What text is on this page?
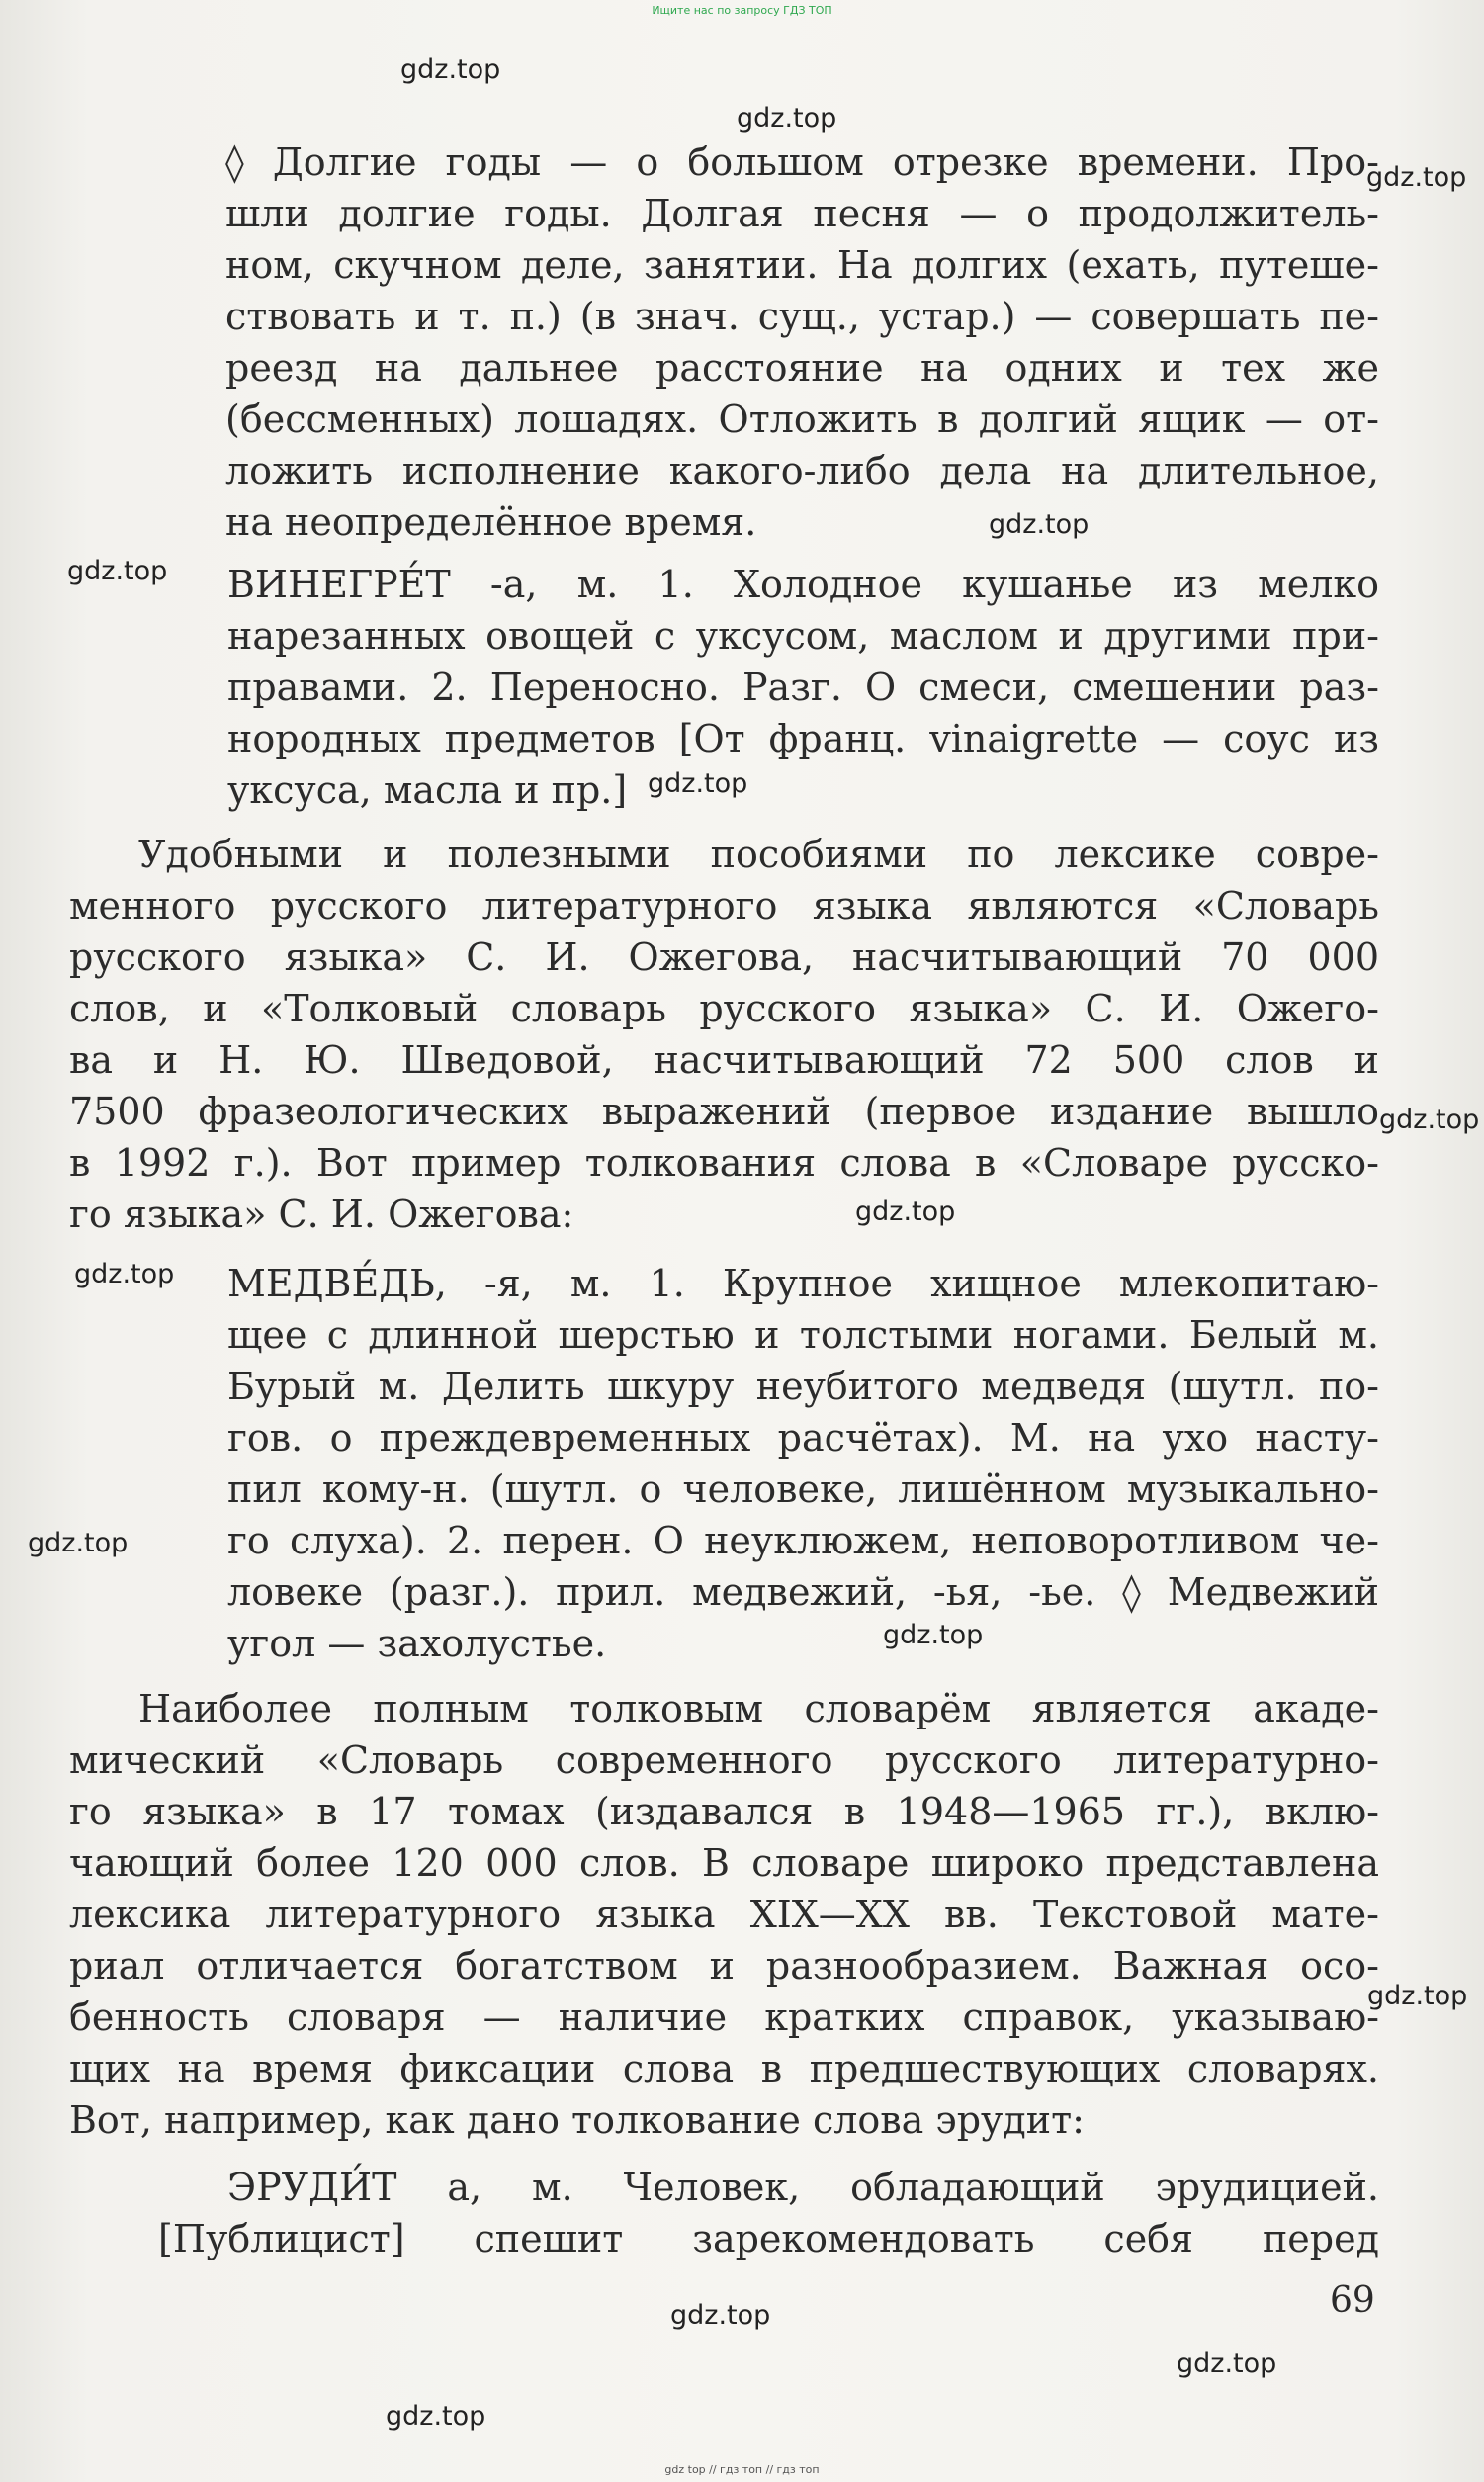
Ищите нас по запросу ГДЗ ТОП
gdz.top
gdz.top
gdz.top
gdz.top
gdz.top
gdz.top
gdz.top
gdz.top
gdz.top
gdz.top
gdz.top
gdz.top
gdz.top
gdz.top
gdz.top
◊ Долгие годы — о большом отрезке времени. Про-
шли долгие годы. Долгая песня — о продолжитель-
ном, скучном деле, занятии. На долгих (ехать, путеше-
ствовать и т. п.) (в знач. сущ., устар.) — совершать пе-
реезд на дальнее расстояние на одних и тех же
(бессменных) лошадях. Отложить в долгий ящик — от-
ложить исполнение какого-либо дела на длительное,
на неопределённое время.
ВИНЕГРЕ́Т -а, м. 1. Холодное кушанье из мелко
нарезанных овощей с уксусом, маслом и другими при-
правами. 2. Переносно. Разг. О смеси, смешении раз-
нородных предметов [От франц. vinaigrette — соус из
уксуса, масла и пр.]
Удобными и полезными пособиями по лексике совре-
менного русского литературного языка являются «Словарь
русского языка» С. И. Ожегова, насчитывающий 70 000
слов, и «Толковый словарь русского языка» С. И. Ожего-
ва и Н. Ю. Шведовой, насчитывающий 72 500 слов и
7500 фразеологических выражений (первое издание вышло
в 1992 г.). Вот пример толкования слова в «Словаре русско-
го языка» С. И. Ожегова:
МЕДВЕ́ДЬ, -я, м. 1. Крупное хищное млекопитаю-
щее с длинной шерстью и толстыми ногами. Белый м.
Бурый м. Делить шкуру неубитого медведя (шутл. по-
гов. о преждевременных расчётах). М. на ухо насту-
пил кому-н. (шутл. о человеке, лишённом музыкально-
го слуха). 2. перен. О неуклюжем, неповоротливом че-
ловеке (разг.). прил. медвежий, -ья, -ье. ◊ Медвежий
угол — захолустье.
Наиболее полным толковым словарём является акаде-
мический «Словарь современного русского литературно-
го языка» в 17 томах (издавался в 1948—1965 гг.), вклю-
чающий более 120 000 слов. В словаре широко представлена
лексика литературного языка XIX—XX вв. Текстовой мате-
риал отличается богатством и разнообразием. Важная осо-
бенность словаря — наличие кратких справок, указываю-
щих на время фиксации слова в предшествующих словарях.
Вот, например, как дано толкование слова эрудит:
ЭРУДИ́Т а, м. Человек, обладающий эрудицией.
[Публицист] спешит зарекомендовать себя перед
69
gdz top // гдз топ // гдз топ
